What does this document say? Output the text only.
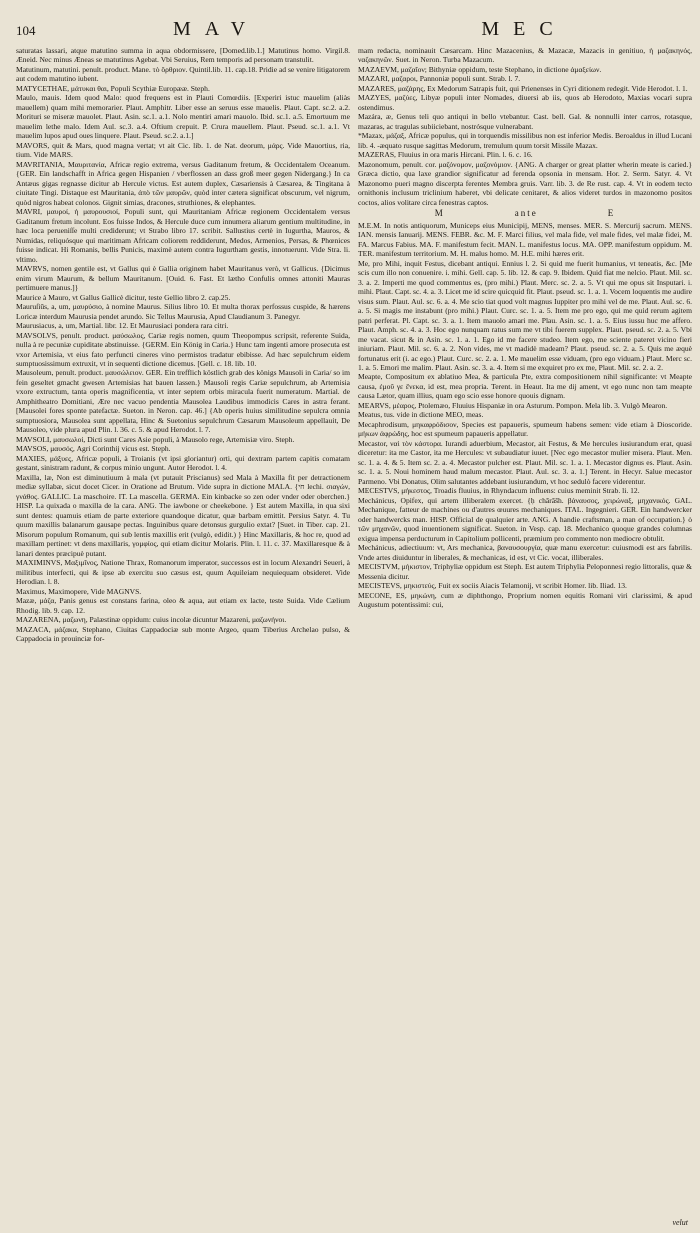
104	MAV	MEC

saturatas lassari, atque matutino summa in aqua obdormissere, [Domed.lib.1.] Matutinus homo. Virgil.8. Æneid. Nec minus Æneas se matutinus Agebat. Vbi Seruius, Rem temporis ad personam transtulit.

Matutinum, matutini. penult. product. Mane. τὸ ὄρθριον. Quintil.lib. 11. cap.18. Pridie ad se venire litigatorem aut codem matutino iubent.

MATYCETHAE, μάτυκαι θαι, Populi Scythiæ Europææ. Steph.

Maulo, mauis. Idem quod Malo: quod frequens est in Plauti Comœdiis. [Experiri istuc mauelim (aliàs mauellem) quam mihi memorarier. Plaut. Amphitr. Liber esse an seruus esse mauelis. Plaut. Capt. sc.2. a.2. Morituri se miseræ mauolet. Plaut. Asin. sc.1. a.1. Nolo mentiri amari mauolo. Ibid. sc.1. a.5. Emortuum me mauelim lethe malo. Idem Aul. sc.3. a.4. Oftium crepuit. P. Crura mauellem. Plaut. Pseud. sc.1. a.1. Vt mauelim lupos apud oues linquere. Plaut. Pseud. sc.2. a.1.]

MAVORS, quit & Mars, quod magna vertat; vt ait Cic. lib. 1. de Nat. deorum, μάρς. Vide Mauortius, ria, tium. Vide MARS.

MAVRITANIA, Μαυριτανία, Africæ regio extrema, versus Gaditanum fretum, & Occidentalem Oceanum. {GER. Ein landschafft in Africa gegen Hispanien / vberflossen an dass groß meer gegen Nidergang.} In ca Antæus gigas regnasse dicitur ab Hercule victus. Est autem duplex, Cæsariensis à Cæsarea, & Tingitana à ciuitate Tingi. Distaque est Mauritania, ἀπὸ τῶν μαυρῶν, quòd inter cætera significat obscurum, vel nigrum, quòd nigros habeat colonos. Gignit simias, dracones, struthiones, & elephantes.

MAVRI, μαυροί, ἡ μαυρουσιοί, Populi sunt, qui Mauritaniam Africæ regionem Occidentalem versus Gaditanum fretum incolunt. Eos fuisse Indos, & Hercule duce cum innumera aliarum gentium multitudine, in hæc loca perueniſſe multi crediderunt; vt Strabo libro 17. scribit. Sallustius certè in Iugurtha, Mauros, & Numidas, reliquósque qui maritimam Africam coliorem reddiderunt, Medos, Armenios, Persas, & Phœnices fuisse indicat. Hi Romanis, bellis Punicis, maximè autem contra Iugurtham gestis, innotuerunt. Vide Stra. li. vltimo.

MAVRVS, nomen gentile est, vt Gallus qui è Gallia originem habet Mauritanus verò, vt Gallicus. {Dicimus enim virum Maurum, & bellum Mauritanum. [Ouid. 6. Fast. Et lætho Confulis omnes attoniti Mauras pertimuere manus.]}

Maurice à Mauro, vt Gallus Gallicè dicitur, teste Gellio libro 2. cap.25.

Mauruſiūs, a, um, μαυρύσιο, à nomine Maurus. Silius libro 10. Et multa thorax perfossus cuspide, & hærens Loricæ interdum Maurusia pendet arundo. Sic Tellus Maurusia, Apud Claudianum 3. Panegyr.

Maurusiacus, a, um, Martial. libr. 12. Et Maurusiaci pondera rara citri.

MAVSOLVS, penult. product. μαύσωλος, Cariæ regis nomen, quum Theopompus scripsit, referente Suida, nulla à re pecuniæ cupiditate abstinuisse. {GERM. Ein König in Caria.} Hunc tam ingenti amore prosecuta est vxor Artemisia, vt eius fato perfuncti cineres vino permistos tradatur ebibisse. Ad hæc sepulchrum eidem sumptuosissimum extruxit, vt in sequenti dictione dicemus. [Gell. c. 18. lib. 10.

Mausoleum, penult. product. μαυσώλειον. GER. Ein trefflich köstlich grab des königs Mausoli in Caria/ so im fein geseltet gmacht gwesen Artemisias hat bauen lassen.} Mausoli regis Cariæ sepulchrum, ab Artemisia vxore extructum, tanta operis magnificentia, vt inter septem orbis miracula fuerit numeratum. Martial. de Amphitheatro Domitiani, Ære nec vacuo pendentia Mausolea Laudibus immodicis Cares in astra ferant. [Mausolei fores sponte patefactæ. Sueton. in Neron. cap. 46.] {Ab operis huius similitudine sepulcra omnia sumptuosiora, Mausolea sunt appellata, Hinc & Suetonius sepulchrum Cæsarum Mausoleum appellauit, De Mausoleo, vide plura apud Plin. l. 36. c. 5. & apud Herodot. l. 7.

MAVSOLI, μαυσωλοί, Dicti sunt Cares Asie populi, à Mausolo rege, Artemisiæ viro. Steph.

MAVSOS, μαυσός, Agri Corinthij vicus est. Steph.

MAXIES, μάξυες, Africæ populi, à Troianis (vt ipsi gloriantur) orti, qui dextram partem capitis comatam gestant, sinistram radunt, & corpus minio ungunt. Autor Herodot. l. 4.

Maxilla, læ, Non est diminutiuum à mala (vt putauit Priscianus) sed Mala à Maxilla fit per detractionem mediæ syllabæ, sicut docet Cicer. in Oratione ad Brutum. Vide supra in dictione MALA. {חי lechi. σιαγών, γνάθος. GALLIC. La maschoire. IT. La mascella. GERMA. Ein kinbacke so zen oder vnder oder oberchen.} HISP. La quixada o maxilla de la cara. ANG. The iawbone or cheekebone. } Est autem Maxilla, in qua sixi sunt dentes: quamuis etiam de parte exteriore quandoque dicatur, quæ barbam emittit. Persius Satyr. 4. Tu quum maxillis balanarum gausape pectas. Inguinibus quare detonsus gurgulio extat? [Suet. in Tiber. cap. 21. Misorum populum Romanum, qui sub lentis maxillis erit (vulgò, edidit.) } Hinc Maxillaris, & hoc re, quod ad maxillam pertinet: vt dens maxillaris, γομφίος, qui etiam dicitur Molaris. Plin. l. 11. c. 37. Maxillaresque & à lanari dentes præcipuè putant.

MAXIMINVS, Μαξιμῖνος, Natione Thrax, Romanorum imperator, successos est in locum Alexandri Seueri, à militibus interfecti, qui & ipse ab exercitu suo cæsus est, quum Aquileiam nequiequam obsideret. Vide Herodian. l. 8.

Maximus, Maximopere, Vide MAGNVS.

Mazæ, μάζα, Panis genus est constans farina, oleo & aqua, aut etiam ex lacte, teste Suida. Vide Cælium Rhodig. lib. 9. cap. 12.

MAZARENA, μαζωνη, Palæstinæ oppidum: cuius incolæ dicuntur Mazareni, μαζωνήνοι.

MAZACA, μάζακα, Stephano, Ciuitas Cappadociæ sub monte Argeo, quam Tiberius Archelao pulso, & Cappadocia in prouinciæ for-

mam redacta, nominauit Cæsarcam. Hinc Mazacenius, & Mazacæ, Mazacis in genitiuo, ἡ μαζακηνός, ναζακηνῶν. Suet. in Neron. Turba Mazacum.

MAZAEVM, μαζαῖον; Bithyniæ oppidum, teste Stephano, in dictione ἀμαξείων.

MAZARI, μαζαροι, Pannoniæ populi sunt. Strab. l. 7.

MAZARES, μαζάρης, Ex Medorum Satrapis fuit, qui Prienenses in Cyri ditionem redegit. Vide Herodot. l. 1.

MAZYES, μαζύες, Libyæ populi inter Nomades, diuersi ab iis, quos ab Herodoto, Maxias vocari supra ostendimus.

Mazára, æ, Genus teli quo antiqui in bello vtebantur. Cast. bell. Gal. & nonnulli inter carros, rotasque, mazaras, ac tragulas subiiciebant, nostrósque vulnerabant.

*Mazax, μάζαξ, Africæ populus, qui in torquendis missilibus non est inferior Medis. Beroaldus in illud Lucani lib. 4. -æquato rusque sagittas Medorum, tremulum quum torsit Missile Mazax.

MAZERAS, Fluuius in ora maris Hircani. Plin. l. 6. c. 16.

Mazonomum, penult. cor. μαζόνομον, μαζονόμιον. {ANG. A charger or great platter wherin meate is caried.} Græca dictio, qua laxe grandior significatur ad ferenda opsonia in mensam. Hor. 2. Serm. Satyr. 4. Vt Mazonomo pueri magno discerpta ferentes Membra gruis. Varr. lib. 3. de Re rust. cap. 4. Vt in eodem tecto ornithonis inclusum triclinium haberet, vbi delicate cenitaret, & alios videret turdos in mazonomo positos coctos, alios volitare circa fenestras captos.

M	ante	E

M.E.M. In notis antiquorum, Municeps eius Municipij, MENS, menses. MER. S. Mercurij sacrum. MENS. IAN. mensis Ianuarij. MENS. FEBR. &c. M. F. Marci filius, vel mala fide, vel male fides, vel malæ fidei, M. FA. Marcus Fabius. MA. F. manifestum fecit. MAN. L. manifestus locus. MA. OPP. manifestum oppidum. M. TER. manifestum territorium. M. H. malus homo. M. H.E. mihi hæres erit.

Me, pro Mihi, inquit Festus, dicebant antiqui. Ennius l. 2. Si quid me fuerit humanius, vt teneatis, &c. [Me scis cum illo non conuenire. i. mihi. Gell. cap. 5. lib. 12. & cap. 9. Ibidem. Quid fiat me nelcio. Plaut. Mil. sc. 3. a. 2. Imperti me quod commentus es, (pro mihi.) Plaut. Merc. sc. 2. a. 5. Vt qui me opus sit Insputari. i. mihi. Plaut. Capt. sc. 4. a. 3. Licet me id scire quicquid fit. Plaut. pseud. sc. 1. a. 1. Vocem loquentis me audire visus sum. Plaut. Aul. sc. 6. a. 4. Me scio tiat quod volt magnus Iuppiter pro mihi vel de me. Plaut. Aul. sc. 6. a. 5. Si magis me instabunt (pro mihi.) Plaut. Curc. sc. 1. a. 5. Item me pro ego, qui me quid rerum agitem patri perferat. Pl. Capt. sc. 3. a. 1. Item mauolo amari me. Plau. Asin. sc. 1. a. 5. Eius iussu huc me affero. Plaut. Amph. sc. 4. a. 3. Hoc ego nunquam ratus sum me vt tibi fuerem supplex. Plaut. pseud. sc. 2. a. 5. Vbi me vacat. sicut & in Asin. sc. 1. a. 1. Ego id me facere studeo. Item ego, me sciente pateret vicino fieri iniuriam. Plaut. Mil. sc. 6. a. 2. Non vides, me vt madidè madeam? Plaut. pseud. sc. 2. a. 5. Quis me æquè fortunatus erit (i. ac ego.) Plaut. Curc. sc. 2. a. 1. Me mauelim esse viduam, (pro ego viduam.) Plaut. Merc sc. 1. a. 5. Emori me malim. Plaut. Asin. sc. 3. a. 4. Item si me exquiret pro ex me, Plaut. Mil. sc. 2. a. 2.

Meapte, Compositum ex ablatiuo Mea, & particula Pte, extra compositionem nihil significante: vt Meapte causa, ἐμοῦ γε ἕνεκα, id est, mea propria. Terent. in Heaut. Ita me dij ament, vt ego nunc non tam meapte causa Lætor, quam illius, quam ego scio esse honore quouis dignam.

MEARVS, μέαρος, Ptolemæo, Fluuius Hispaniæ in ora Asturum. Pompon. Mela lib. 3. Vulgò Mearon.

Meatus, tus. vide in dictione MEO, meas.

Mecaphrodisum, μηκαφρόδισον, Species est papaueris, spumeum habens semen: vide etiam à Dioscoride. μήκων ἀφρώδης, hoc est spumeum papaueris appellatur.

Mecastor, ναὶ τὸν κάστορα. Iurandi aduerbium, Mecastor, ait Festus, & Me hercules iusiurandum erat, quasi diceretur: ita me Castor, ita me Hercules: vt subaudiatur iuuet. [Nec ego mecastor mulier misera. Plaut. Men. sc. 1. a. 4. & 5. Item sc. 2. a. 4. Mecastor pulcher est. Plaut. Mil. sc. 1. a. 1. Mecastor dignus es. Plaut. Asin. sc. 1. a. 5. Noui hominem haud malum mecastor. Plaut. Aul. sc. 3. a. 1.] Terent. in Hecyr. Salue mecastor Parmeno. Vbi Donatus, Olim salutantes addebant iusiurandum, vt hoc sedulò facere viderentur.

MECESTVS, μήκεστος, Troadis fluuius, in Rhyndacum influens: cuius meminit Strab. li. 12.

Mechánicus, Opifex, qui artem illiberalem exercet. {ḥ chārāšh. βάναυσος, χειρώναξ, μηχανικός. GAL. Mechanique, fatteur de machines ou d'autres œuures mechaniques. ITAL. Ingegnieri. GER. Ein handwercker oder handwercks man. HISP. Official de qualquier arte. ANG. A handie craftsman, a man of occupation.} ὁ τῶν μηχανῶν, quod inuentionem significat. Sueton. in Vesp. cap. 18. Mechanico quoque grandes columnas exigua impensa perducturum in Capitolium pollicenti, præmium pro commento non mediocre obtulit.

Mechánicus, adiectiuum: vt, Ars mechanica, βαναυσουργία, quæ manu exercetur: cuiusmodi est ars fabrilis. Vnde artes diuiduntur in liberales, & mechanicas, id est, vt Cic. vocat, illiberales.

MECISTVM, μήκιστον, Triphyliæ oppidum est Steph. Est autem Triphylia Peloponnesi regio littoralis, quæ & Messenia dicitur.

MECISTEVS, μηκιστεύς, Fuit ex sociis Aiacis Telamonij, vt scribit Homer. lib. Iliad. 13.

MECONE, ES, μηκώνη, cum æ diphthongo, Proprium nomen equitis Romani viri clarissimi, & apud Augustum potentissimi: cui,

velut
